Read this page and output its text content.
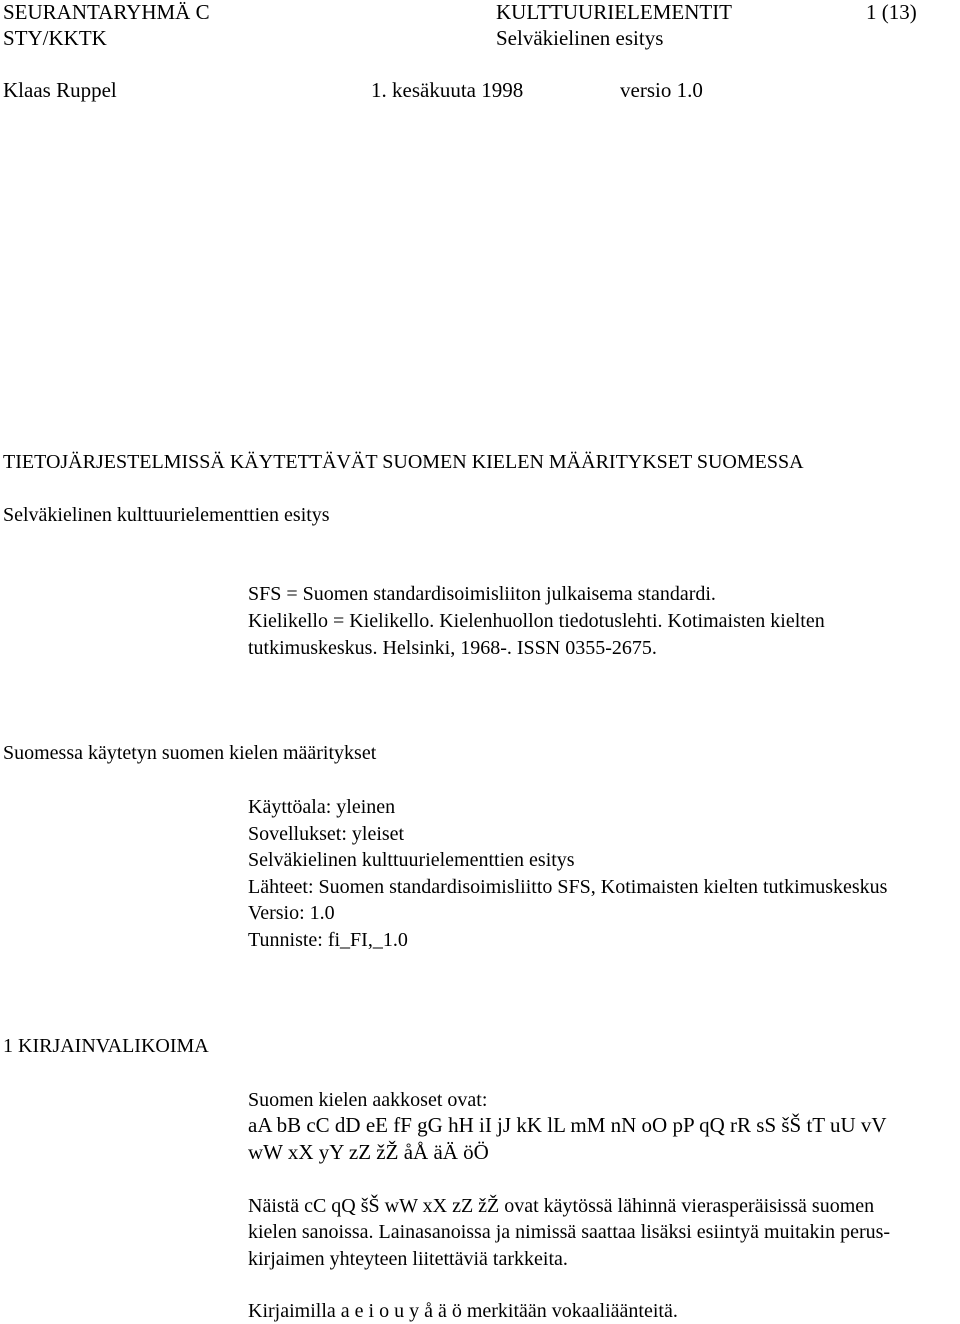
SEURANTARYHMÄ C
STY/KKTK
KULTTUURIELEMENTIT
Selväkielinen esitys
1 (13)
Klaas Ruppel	1. kesäkuuta 1998	versio 1.0
TIETOJÄRJESTELMISSÄ KÄYTETTÄVÄT SUOMEN KIELEN MÄÄRITYKSET SUOMESSA
Selväkielinen kulttuurielementtien esitys
SFS = Suomen standardisoimisliiton julkaisema standardi.
Kielikello = Kielikello. Kielenhuollon tiedotuslehti. Kotimaisten kielten
tutkimuskeskus. Helsinki, 1968-. ISSN 0355-2675.
Suomessa käytetyn suomen kielen määritykset
Käyttöala: yleinen
Sovellukset: yleiset
Selväkielinen kulttuurielementtien esitys
Lähteet: Suomen standardisoimisliitto SFS, Kotimaisten kielten tutkimuskeskus
Versio: 1.0
Tunniste: fi_FI,_1.0
1 KIRJAINVALIKOIMA
Suomen kielen aakkoset ovat:
aA bB cC dD eE fF gG hH iI jJ kK lL mM nN oO pP qQ rR sS šŠ tT uU vV
wW xX yY zZ žŽ åÅ äÄ öÖ
Näistä cC qQ šŠ wW xX zZ žŽ ovat käytössä lähinnä vierasperäisissä suomen
kielen sanoissa. Lainasanoissa ja nimissä saattaa lisäksi esiintyä muitakin perus-
kirjaimen yhteyteen liitettäviä tarkkeita.
Kirjaimilla a e i o u y å ä ö merkitään vokaaliäänteitä.
